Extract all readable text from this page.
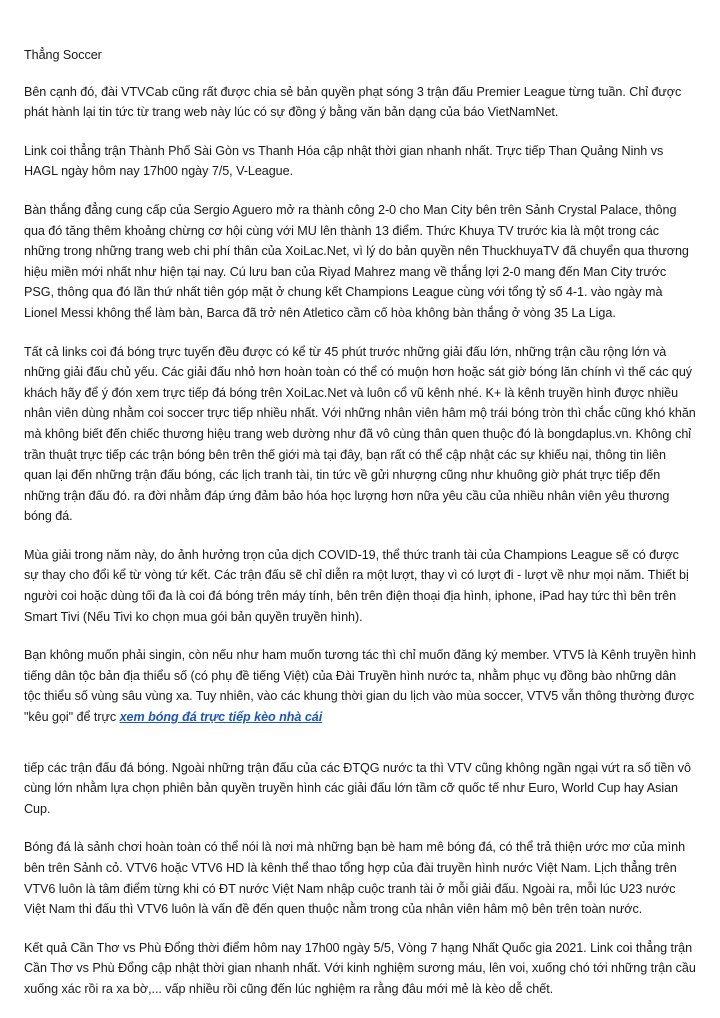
Thẳng Soccer

Bên cạnh đó, đài VTVCab cũng rất được chia sẻ bản quyền phạt sóng 3 trận đấu Premier League từng tuần. Chỉ được phát hành lại tin tức từ trang web này lúc có sự đồng ý bằng văn bản dạng của báo VietNamNet.

Link coi thẳng trận Thành Phố Sài Gòn vs Thanh Hóa cập nhật thời gian nhanh nhất. Trực tiếp Than Quảng Ninh vs HAGL ngày hôm nay 17h00 ngày 7/5, V-League.

Bàn thắng đẳng cung cấp của Sergio Aguero mở ra thành công 2-0 cho Man City bên trên Sảnh Crystal Palace, thông qua đó tăng thêm khoảng chừng cơ hội cùng với MU lên thành 13 điểm. Thức Khuya TV trước kia là một trong các những trong những trang web chi phí thân của XoiLac.Net, vì lý do bản quyền nên ThuckhuyaTV đã chuyển qua thương hiệu miền mới nhất như hiện tại nay. Cú lưu ban của Riyad Mahrez mang về thắng lợi 2-0 mang đến Man City trước PSG, thông qua đó lần thứ nhất tiên góp mặt ở chung kết Champions League cùng với tổng tỷ số 4-1. vào ngày mà Lionel Messi không thể làm bàn, Barca đã trở nên Atletico cầm cố hòa không bàn thắng ở vòng 35 La Liga.

Tất cả links coi đá bóng trực tuyến đều được có kể từ 45 phút trước những giải đấu lớn, những trận cầu rộng lớn và những giải đấu chủ yếu. Các giải đấu nhỏ hơn hoàn toàn có thể có muộn hơn hoặc sát giờ bóng lăn chính vì thế các quý khách hãy để ý đón xem trực tiếp đá bóng trên XoiLac.Net và luôn cổ vũ kênh nhé. K+ là kênh truyền hình được nhiều nhân viên dùng nhằm coi soccer trực tiếp nhiều nhất. Với những nhân viên hâm mộ trái bóng tròn thì chắc cũng khó khăn mà không biết đến chiếc thương hiệu trang web dường như đã vô cùng thân quen thuộc đó là bongdaplus.vn. Không chỉ trần thuật trực tiếp các trận bóng bên trên thế giới mà tại đây, bạn rất có thể cập nhật các sự khiếu nại, thông tin liên quan lại đến những trận đấu bóng, các lịch tranh tài, tin tức về gửi nhượng cũng như khuông giờ phát trực tiếp đến những trận đấu đó. ra đời nhằm đáp ứng đảm bảo hóa học lượng hơn nữa yêu cầu của nhiều nhân viên yêu thương bóng đá.

Mùa giải trong năm này, do ảnh hưởng trọn của dịch COVID-19, thể thức tranh tài của Champions League sẽ có được sự thay cho đổi kể từ vòng tứ kết. Các trận đấu sẽ chỉ diễn ra một lượt, thay vì có lượt đi - lượt về như mọi năm. Thiết bị người coi hoặc dùng tối đa là coi đá bóng trên máy tính, bên trên điện thoại địa hình, iphone, iPad hay tức thì bên trên Smart Tivi (Nếu Tivi ko chọn mua gói bản quyền truyền hình).

Bạn không muốn phải singin, còn nếu như ham muốn tương tác thì chỉ muốn đăng ký member. VTV5 là Kênh truyền hình tiếng dân tộc bản địa thiểu số (có phụ đề tiếng Việt) của Đài Truyền hình nước ta, nhằm phục vụ đồng bào những dân tộc thiểu số vùng sâu vùng xa. Tuy nhiên, vào các khung thời gian du lịch vào mùa soccer, VTV5 vẫn thông thường được "kêu gọi" để trực xem bóng đá trực tiếp kèo nhà cái

tiếp các trận đấu đá bóng. Ngoài những trận đấu của các ĐTQG nước ta thì VTV cũng không ngần ngại vứt ra số tiền vô cùng lớn nhằm lựa chọn phiên bản quyền truyền hình các giải đấu lớn tầm cỡ quốc tế như Euro, World Cup hay Asian Cup.

Bóng đá là sảnh chơi hoàn toàn có thể nói là nơi mà những bạn bè ham mê bóng đá, có thể trả thiện ước mơ của mình bên trên Sảnh cỏ. VTV6 hoặc VTV6 HD là kênh thể thao tổng hợp của đài truyền hình nước Việt Nam. Lịch thẳng trên VTV6 luôn là tâm điểm từng khi có ĐT nước Việt Nam nhập cuộc tranh tài ở mỗi giải đấu. Ngoài ra, mỗi lúc U23 nước Việt Nam thi đấu thì VTV6 luôn là vấn đề đến quen thuộc nằm trong của nhân viên hâm mộ bên trên toàn nước.

Kết quả Cần Thơ vs Phù Đổng thời điểm hôm nay 17h00 ngày 5/5, Vòng 7 hạng Nhất Quốc gia 2021. Link coi thẳng trận Cần Thơ vs Phù Đổng cập nhật thời gian nhanh nhất. Với kinh nghiệm sương máu, lên voi, xuống chó tới những trận cầu xuống xác rồi ra xa bờ,... vấp nhiều rồi cũng đến lúc nghiệm ra rằng đâu mới mẻ là kèo dễ chết.
